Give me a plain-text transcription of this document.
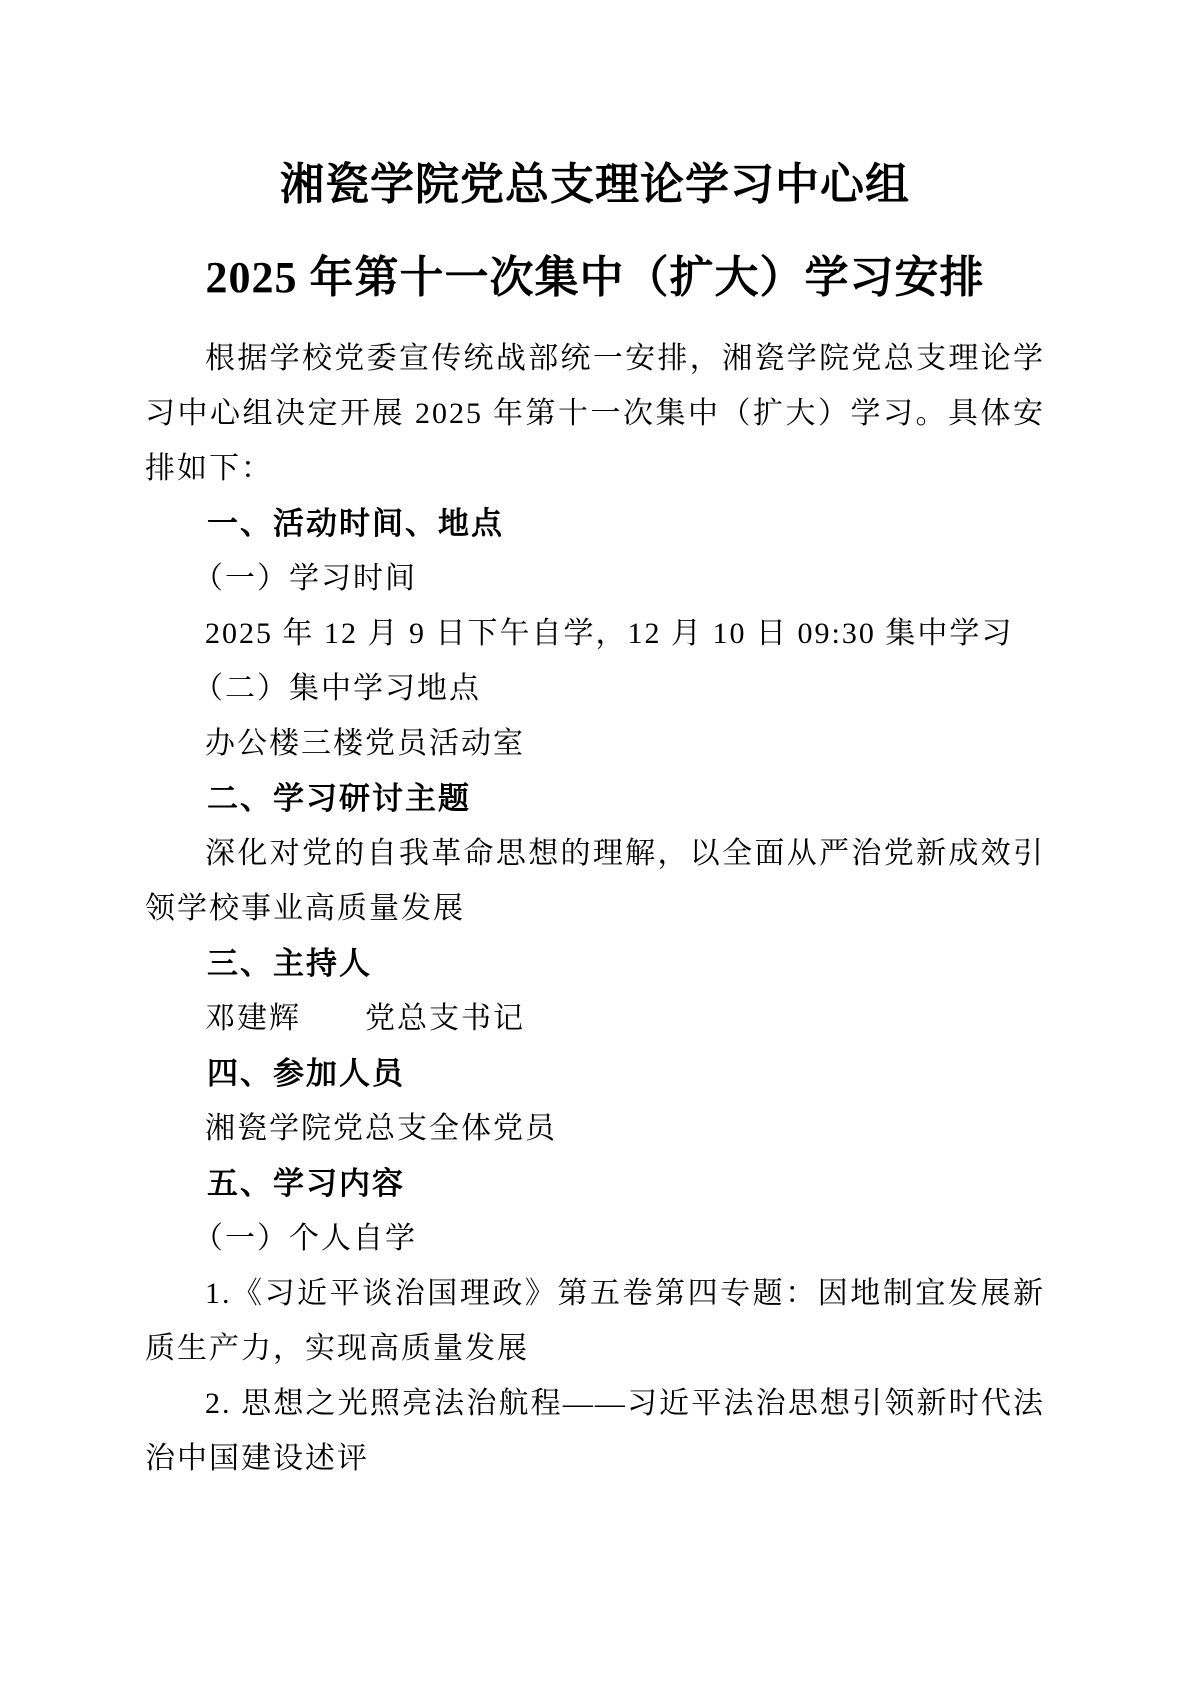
湘瓷学院党总支理论学习中心组
2025 年第十一次集中（扩大）学习安排

根据学校党委宣传统战部统一安排，湘瓷学院党总支理论学习中心组决定开展 2025 年第十一次集中（扩大）学习。具体安排如下：

一、活动时间、地点

（一）学习时间

2025 年 12 月 9 日下午自学，12 月 10 日 09:30 集中学习

（二）集中学习地点

办公楼三楼党员活动室

二、学习研讨主题

深化对党的自我革命思想的理解，以全面从严治党新成效引领学校事业高质量发展

三、主持人

邓建辉　　党总支书记

四、参加人员

湘瓷学院党总支全体党员

五、学习内容

（一）个人自学

1.《习近平谈治国理政》第五卷第四专题：因地制宜发展新质生产力，实现高质量发展

2. 思想之光照亮法治航程——习近平法治思想引领新时代法治中国建设述评
